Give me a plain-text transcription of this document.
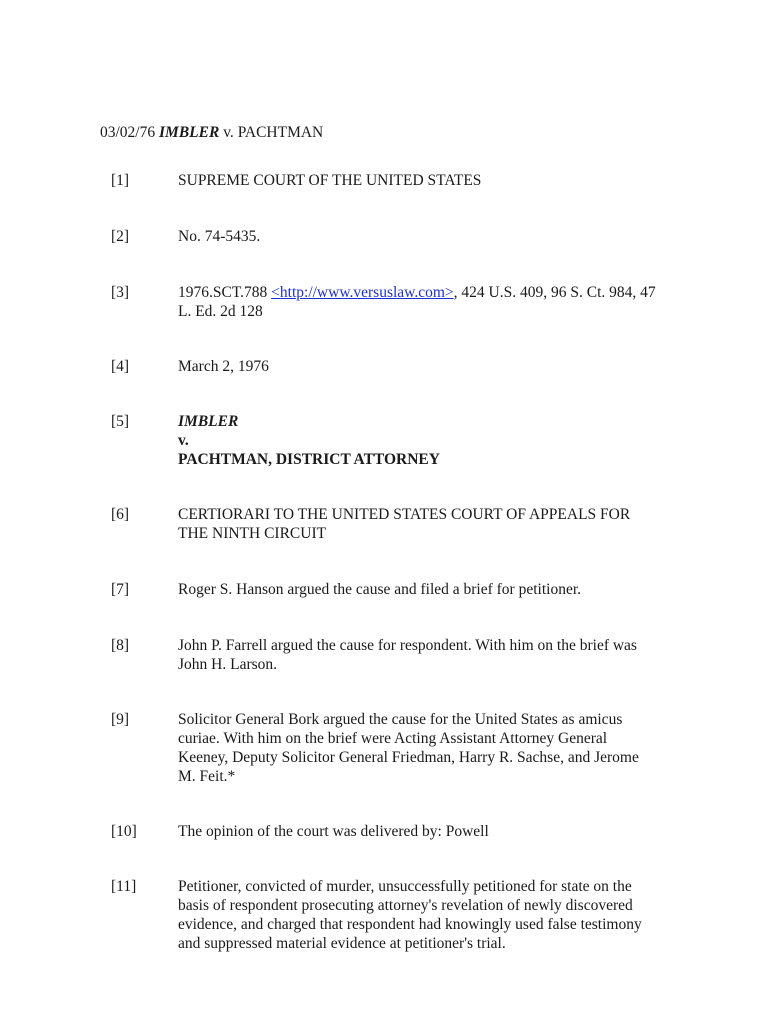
03/02/76 IMBLER v. PACHTMAN
[1]	SUPREME COURT OF THE UNITED STATES
[2]	No. 74-5435.
[3]	1976.SCT.788 <http://www.versuslaw.com>, 424 U.S. 409, 96 S. Ct. 984, 47 L. Ed. 2d 128
[4]	March 2, 1976
[5]	IMBLER
v.
PACHTMAN, DISTRICT ATTORNEY
[6]	CERTIORARI TO THE UNITED STATES COURT OF APPEALS FOR THE NINTH CIRCUIT
[7]	Roger S. Hanson argued the cause and filed a brief for petitioner.
[8]	John P. Farrell argued the cause for respondent. With him on the brief was John H. Larson.
[9]	Solicitor General Bork argued the cause for the United States as amicus curiae. With him on the brief were Acting Assistant Attorney General Keeney, Deputy Solicitor General Friedman, Harry R. Sachse, and Jerome M. Feit.*
[10]	The opinion of the court was delivered by: Powell
[11]	Petitioner, convicted of murder, unsuccessfully petitioned for state on the basis of respondent prosecuting attorney's revelation of newly discovered evidence, and charged that respondent had knowingly used false testimony and suppressed material evidence at petitioner's trial.
